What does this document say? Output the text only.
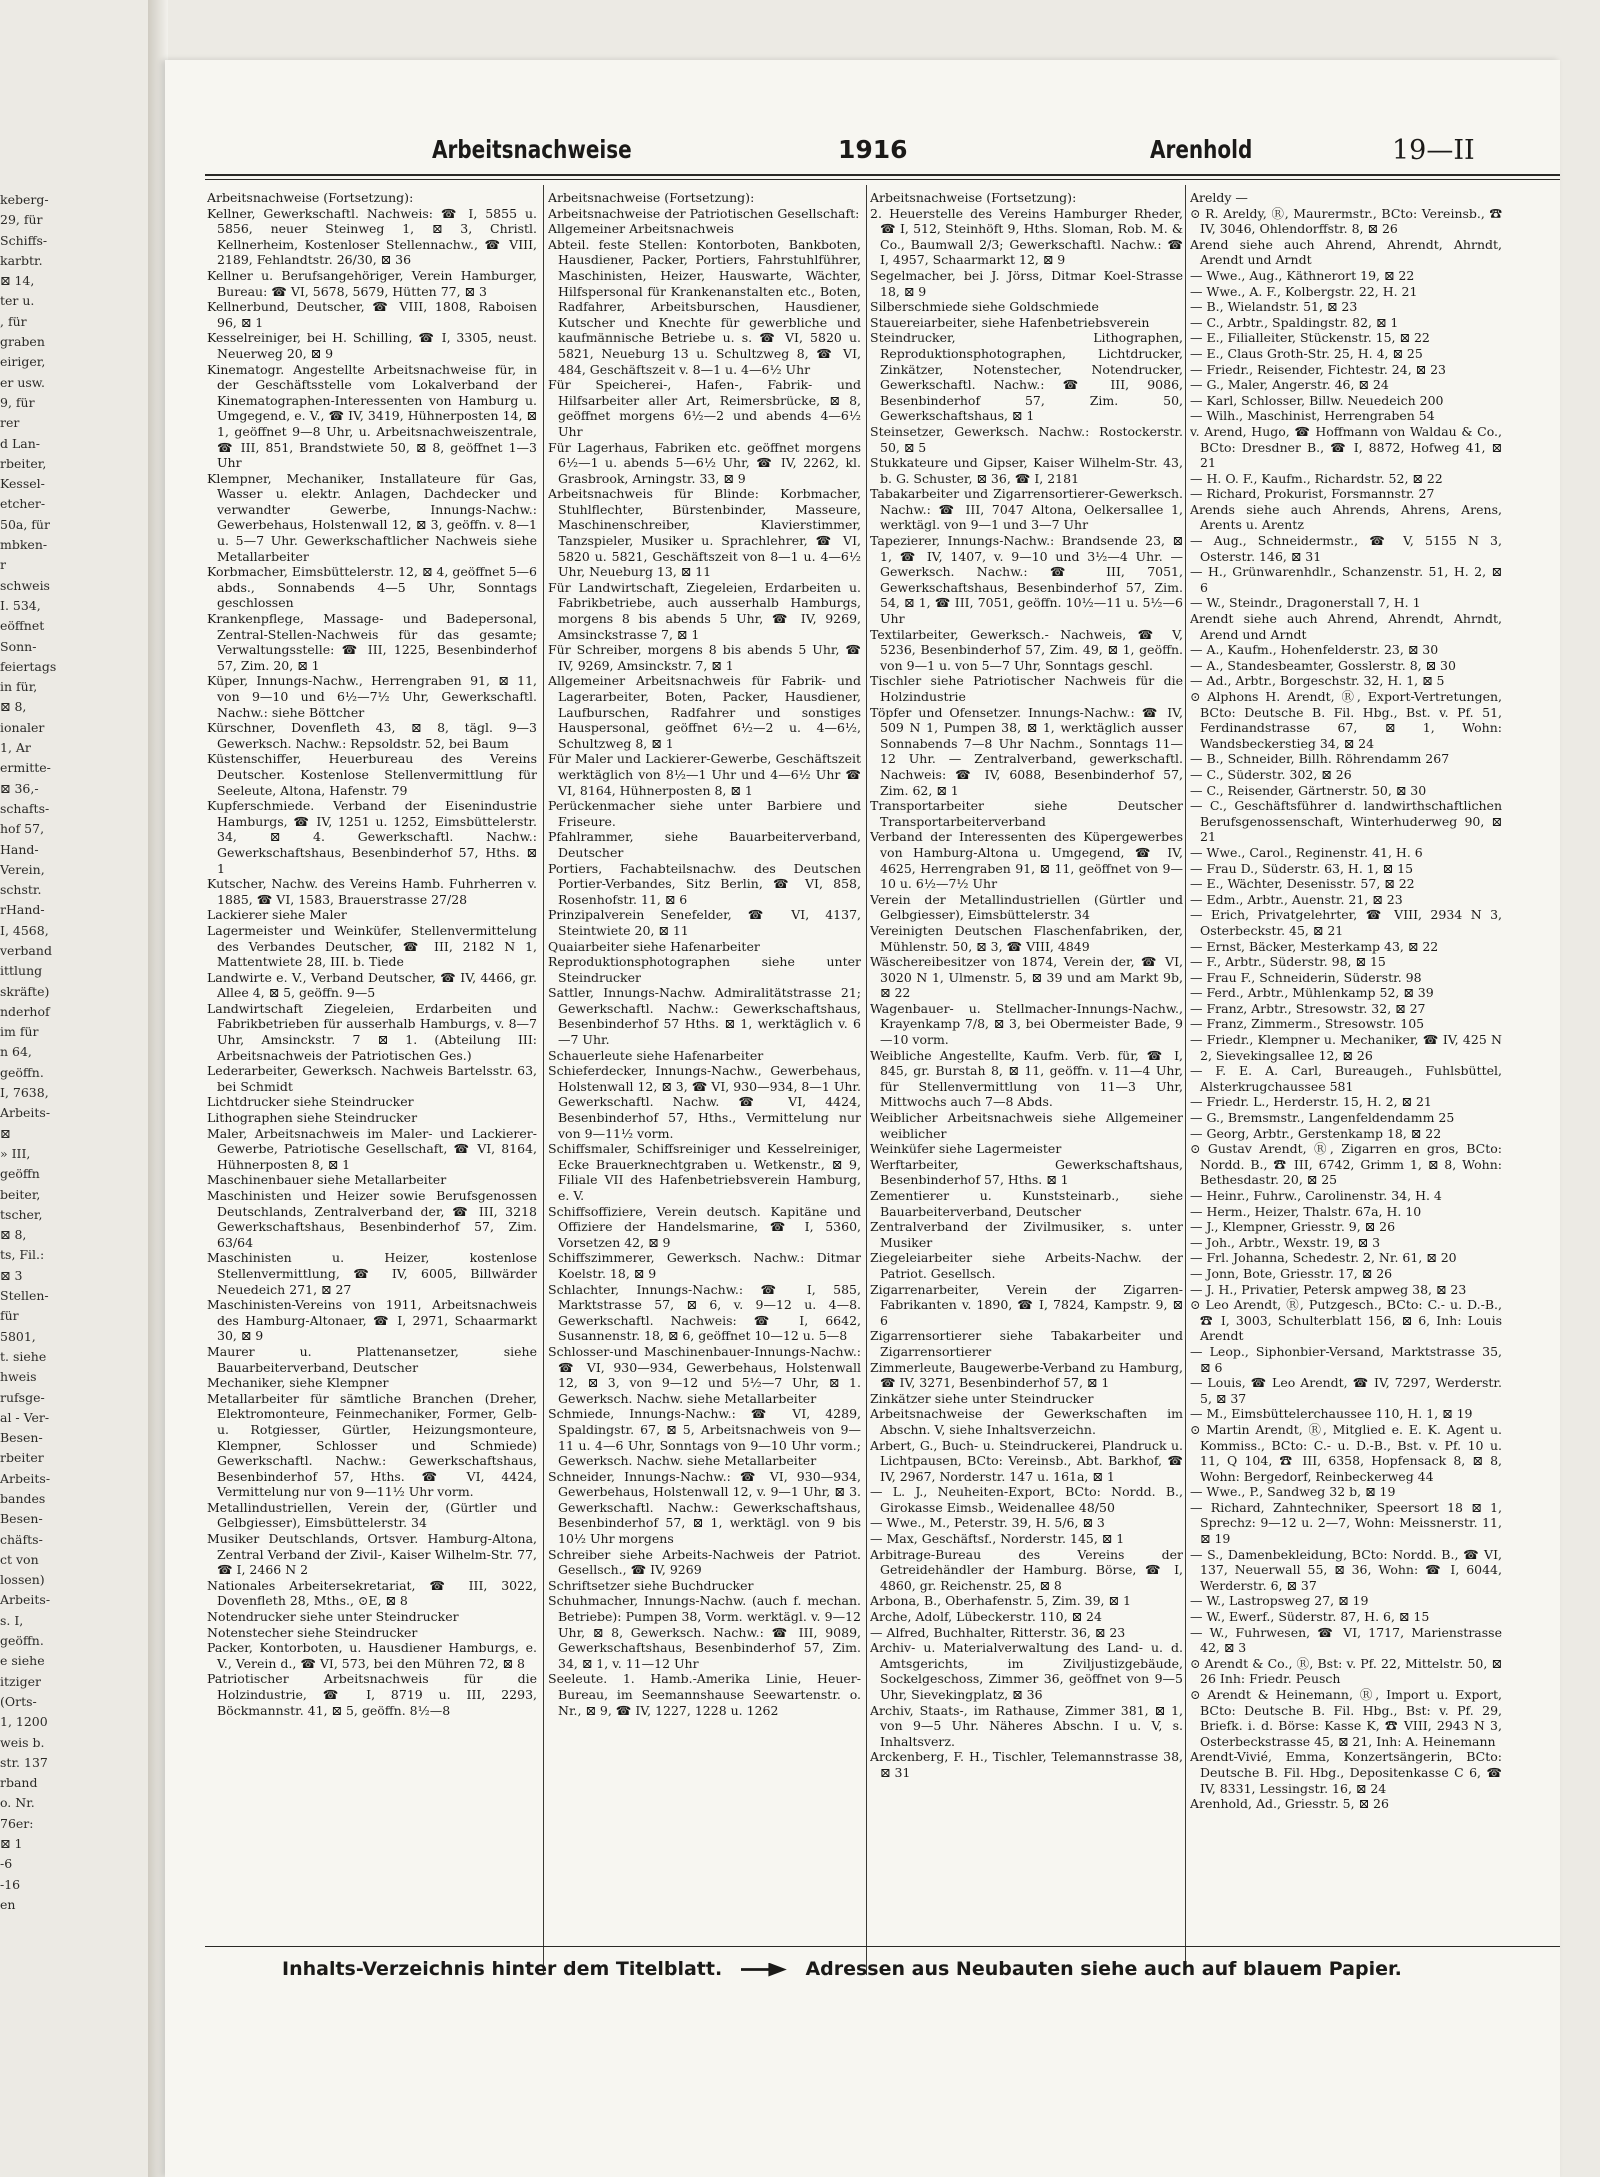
keberg-
29, für
Schiffs-
karbtr.
⊠ 14,
ter u.
, für
graben
eiriger,
er usw.
9, für
rer
d Lan-
rbeiter,
Kessel-
etcher-
50a, für
mbken-
r
schweis
I. 534,
eöffnet
Sonn-
feiertags
in für,
⊠ 8,
ionaler
1, Ar
ermitte-
⊠ 36,-
schafts-
hof 57,
Hand-
Verein,
schstr.
rHand-
I, 4568,
verband
ittlung
skräfte)
nderhof
im für
n 64,
geöffn.
I, 7638,
Arbeits-
⊠
» III,
geöffn
beiter,
tscher,
⊠ 8,
ts, Fil.:
⊠ 3
Stellen-
für
5801,
t. siehe
hweis
rufsge-
al - Ver-
Besen-
rbeiter
Arbeits-
bandes
Besen-
chäfts-
ct von
lossen)
Arbeits-
s. I,
geöffn.
e siehe
itziger
(Orts-
1, 1200
weis b.
str. 137
rband
o. Nr.
76er:
⊠ 1
-6
-16
en
Arbeitsnachweise	1916	Arenhold	19—II

Arbeitsnachweise (Fortsetzung):

Kellner, Gewerkschaftl. Nachweis: ☎ I, 5855 u. 5856, neuer Steinweg 1, ⊠ 3, Christl. Kellnerheim, Kostenloser Stellennachw., ☎ VIII, 2189, Fehlandtstr. 26/30, ⊠ 36

Kellner u. Berufsangehöriger, Verein Hamburger, Bureau: ☎ VI, 5678, 5679, Hütten 77, ⊠ 3

Kellnerbund, Deutscher, ☎ VIII, 1808, Raboisen 96, ⊠ 1

Kesselreiniger, bei H. Schilling, ☎ I, 3305, neust. Neuerweg 20, ⊠ 9

Kinematogr. Angestellte Arbeitsnachweise für, in der Geschäftsstelle vom Lokalverband der Kinematographen-Interessenten von Hamburg u. Umgegend, e. V., ☎ IV, 3419, Hühnerposten 14, ⊠ 1, geöffnet 9—8 Uhr, u. Arbeitsnachweiszentrale, ☎ III, 851, Brandstwiete 50, ⊠ 8, geöffnet 1—3 Uhr

Klempner, Mechaniker, Installateure für Gas, Wasser u. elektr. Anlagen, Dachdecker und verwandter Gewerbe, Innungs-Nachw.: Gewerbehaus, Holstenwall 12, ⊠ 3, geöffn. v. 8—1 u. 5—7 Uhr. Gewerkschaftlicher Nachweis siehe Metallarbeiter

Korbmacher, Eimsbüttelerstr. 12, ⊠ 4, geöffnet 5—6 abds., Sonnabends 4—5 Uhr, Sonntags geschlossen

Krankenpflege, Massage- und Badepersonal, Zentral-Stellen-Nachweis für das gesamte; Verwaltungsstelle: ☎ III, 1225, Besenbinderhof 57, Zim. 20, ⊠ 1

Küper, Innungs-Nachw., Herrengraben 91, ⊠ 11, von 9—10 und 6½—7½ Uhr, Gewerkschaftl. Nachw.: siehe Böttcher

Kürschner, Dovenfleth 43, ⊠ 8, tägl. 9—3 Gewerksch. Nachw.: Repsoldstr. 52, bei Baum

Küstenschiffer, Heuerbureau des Vereins Deutscher. Kostenlose Stellenvermittlung für Seeleute, Altona, Hafenstr. 79

Kupferschmiede. Verband der Eisenindustrie Hamburgs, ☎ IV, 1251 u. 1252, Eimsbüttelerstr. 34, ⊠ 4. Gewerkschaftl. Nachw.: Gewerkschaftshaus, Besenbinderhof 57, Hths. ⊠ 1

Kutscher, Nachw. des Vereins Hamb. Fuhrherren v. 1885, ☎ VI, 1583, Brauerstrasse 27/28

Lackierer siehe Maler

Lagermeister und Weinküfer, Stellenvermittelung des Verbandes Deutscher, ☎ III, 2182 N 1, Mattentwiete 28, III. b. Tiede

Landwirte e. V., Verband Deutscher, ☎ IV, 4466, gr. Allee 4, ⊠ 5, geöffn. 9—5

Landwirtschaft Ziegeleien, Erdarbeiten und Fabrikbetrieben für ausserhalb Hamburgs, v. 8—7 Uhr, Amsinckstr. 7 ⊠ 1. (Abteilung III: Arbeitsnachweis der Patriotischen Ges.)

Lederarbeiter, Gewerksch. Nachweis Bartelsstr. 63, bei Schmidt

Lichtdrucker siehe Steindrucker

Lithographen siehe Steindrucker

Maler, Arbeitsnachweis im Maler- und Lackierer-Gewerbe, Patriotische Gesellschaft, ☎ VI, 8164, Hühnerposten 8, ⊠ 1

Maschinenbauer siehe Metallarbeiter

Maschinisten und Heizer sowie Berufsgenossen Deutschlands, Zentralverband der, ☎ III, 3218 Gewerkschaftshaus, Besenbinderhof 57, Zim. 63/64

Maschinisten u. Heizer, kostenlose Stellenvermittlung, ☎ IV, 6005, Billwärder Neuedeich 271, ⊠ 27

Maschinisten-Vereins von 1911, Arbeitsnachweis des Hamburg-Altonaer, ☎ I, 2971, Schaarmarkt 30, ⊠ 9

Maurer u. Plattenansetzer, siehe Bauarbeiterverband, Deutscher

Mechaniker, siehe Klempner

Metallarbeiter für sämtliche Branchen (Dreher, Elektromonteure, Feinmechaniker, Former, Gelb- u. Rotgiesser, Gürtler, Heizungsmonteure, Klempner, Schlosser und Schmiede) Gewerkschaftl. Nachw.: Gewerkschaftshaus, Besenbinderhof 57, Hths. ☎ VI, 4424, Vermittelung nur von 9—11½ Uhr vorm.

Metallindustriellen, Verein der, (Gürtler und Gelbgiesser), Eimsbüttelerstr. 34

Musiker Deutschlands, Ortsver. Hamburg-Altona, Zentral Verband der Zivil-, Kaiser Wilhelm-Str. 77, ☎ I, 2466 N 2

Nationales Arbeitersekretariat, ☎ III, 3022, Dovenfleth 28, Mths., ⊙E, ⊠ 8

Notendrucker siehe unter Steindrucker

Notenstecher siehe Steindrucker

Packer, Kontorboten, u. Hausdiener Hamburgs, e. V., Verein d., ☎ VI, 573, bei den Mühren 72, ⊠ 8

Patriotischer Arbeitsnachweis für die Holzindustrie, ☎ I, 8719 u. III, 2293, Böckmannstr. 41, ⊠ 5, geöffn. 8½—8

Arbeitsnachweise (Fortsetzung):

Arbeitsnachweise der Patriotischen Gesellschaft:

Allgemeiner Arbeitsnachweis

Abteil. feste Stellen: Kontorboten, Bankboten, Hausdiener, Packer, Portiers, Fahrstuhlführer, Maschinisten, Heizer, Hauswarte, Wächter, Hilfspersonal für Krankenanstalten etc., Boten, Radfahrer, Arbeitsburschen, Hausdiener, Kutscher und Knechte für gewerbliche und kaufmännische Betriebe u. s. ☎ VI, 5820 u. 5821, Neueburg 13 u. Schultzweg 8, ☎ VI, 484, Geschäftszeit v. 8—1 u. 4—6½ Uhr

Für Speicherei-, Hafen-, Fabrik- und Hilfsarbeiter aller Art, Reimersbrücke, ⊠ 8, geöffnet morgens 6½—2 und abends 4—6½ Uhr

Für Lagerhaus, Fabriken etc. geöffnet morgens 6½—1 u. abends 5—6½ Uhr, ☎ IV, 2262, kl. Grasbrook, Arningstr. 33, ⊠ 9

Arbeitsnachweis für Blinde: Korbmacher, Stuhlflechter, Bürstenbinder, Masseure, Maschinenschreiber, Klavierstimmer, Tanzspieler, Musiker u. Sprachlehrer, ☎ VI, 5820 u. 5821, Geschäftszeit von 8—1 u. 4—6½ Uhr, Neueburg 13, ⊠ 11

Für Landwirtschaft, Ziegeleien, Erdarbeiten u. Fabrikbetriebe, auch ausserhalb Hamburgs, morgens 8 bis abends 5 Uhr, ☎ IV, 9269, Amsinckstrasse 7, ⊠ 1

Für Schreiber, morgens 8 bis abends 5 Uhr, ☎ IV, 9269, Amsinckstr. 7, ⊠ 1

Allgemeiner Arbeitsnachweis für Fabrik- und Lagerarbeiter, Boten, Packer, Hausdiener, Laufburschen, Radfahrer und sonstiges Hauspersonal, geöffnet 6½—2 u. 4—6½, Schultzweg 8, ⊠ 1

Für Maler und Lackierer-Gewerbe, Geschäftszeit werktäglich von 8½—1 Uhr und 4—6½ Uhr ☎ VI, 8164, Hühnerposten 8, ⊠ 1

Perückenmacher siehe unter Barbiere und Friseure.

Pfahlrammer, siehe Bauarbeiterverband, Deutscher

Portiers, Fachabteilsnachw. des Deutschen Portier-Verbandes, Sitz Berlin, ☎ VI, 858, Rosenhofstr. 11, ⊠ 6

Prinzipalverein Senefelder, ☎ VI, 4137, Steintwiete 20, ⊠ 11

Quaiarbeiter siehe Hafenarbeiter

Reproduktionsphotographen siehe unter Steindrucker

Sattler, Innungs-Nachw. Admiralitätstrasse 21; Gewerkschaftl. Nachw.: Gewerkschaftshaus, Besenbinderhof 57 Hths. ⊠ 1, werktäglich v. 6—7 Uhr.

Schauerleute siehe Hafenarbeiter

Schieferdecker, Innungs-Nachw., Gewerbehaus, Holstenwall 12, ⊠ 3, ☎ VI, 930—934, 8—1 Uhr. Gewerkschaftl. Nachw. ☎ VI, 4424, Besenbinderhof 57, Hths., Vermittelung nur von 9—11½ vorm.

Schiffsmaler, Schiffsreiniger und Kesselreiniger, Ecke Brauerknechtgraben u. Wetkenstr., ⊠ 9, Filiale VII des Hafenbetriebsverein Hamburg, e. V.

Schiffsoffiziere, Verein deutsch. Kapitäne und Offiziere der Handelsmarine, ☎ I, 5360, Vorsetzen 42, ⊠ 9

Schiffszimmerer, Gewerksch. Nachw.: Ditmar Koelstr. 18, ⊠ 9

Schlachter, Innungs-Nachw.: ☎ I, 585, Marktstrasse 57, ⊠ 6, v. 9—12 u. 4—8. Gewerkschaftl. Nachweis: ☎ I, 6642, Susannenstr. 18, ⊠ 6, geöffnet 10—12 u. 5—8

Schlosser-und Maschinenbauer-Innungs-Nachw.: ☎ VI, 930—934, Gewerbehaus, Holstenwall 12, ⊠ 3, von 9—12 und 5½—7 Uhr, ⊠ 1. Gewerksch. Nachw. siehe Metallarbeiter

Schmiede, Innungs-Nachw.: ☎ VI, 4289, Spaldingstr. 67, ⊠ 5, Arbeitsnachweis von 9—11 u. 4—6 Uhr, Sonntags von 9—10 Uhr vorm.; Gewerksch. Nachw. siehe Metallarbeiter

Schneider, Innungs-Nachw.: ☎ VI, 930—934, Gewerbehaus, Holstenwall 12, v. 9—1 Uhr, ⊠ 3. Gewerkschaftl. Nachw.: Gewerkschaftshaus, Besenbinderhof 57, ⊠ 1, werktägl. von 9 bis 10½ Uhr morgens

Schreiber siehe Arbeits-Nachweis der Patriot. Gesellsch., ☎ IV, 9269

Schriftsetzer siehe Buchdrucker

Schuhmacher, Innungs-Nachw. (auch f. mechan. Betriebe): Pumpen 38, Vorm. werktägl. v. 9—12 Uhr, ⊠ 8, Gewerksch. Nachw.: ☎ III, 9089, Gewerkschaftshaus, Besenbinderhof 57, Zim. 34, ⊠ 1, v. 11—12 Uhr

Seeleute. 1. Hamb.-Amerika Linie, Heuer-Bureau, im Seemannshause Seewartenstr. o. Nr., ⊠ 9, ☎ IV, 1227, 1228 u. 1262

Arbeitsnachweise (Fortsetzung):

2. Heuerstelle des Vereins Hamburger Rheder, ☎ I, 512, Steinhöft 9, Hths. Sloman, Rob. M. & Co., Baumwall 2/3; Gewerkschaftl. Nachw.: ☎ I, 4957, Schaarmarkt 12, ⊠ 9

Segelmacher, bei J. Jörss, Ditmar Koel-Strasse 18, ⊠ 9

Silberschmiede siehe Goldschmiede

Stauereiarbeiter, siehe Hafenbetriebsverein

Steindrucker, Lithographen, Reproduktionsphotographen, Lichtdrucker, Zinkätzer, Notenstecher, Notendrucker, Gewerkschaftl. Nachw.: ☎ III, 9086, Besenbinderhof 57, Zim. 50, Gewerkschaftshaus, ⊠ 1

Steinsetzer, Gewerksch. Nachw.: Rostockerstr. 50, ⊠ 5

Stukkateure und Gipser, Kaiser Wilhelm-Str. 43, b. G. Schuster, ⊠ 36, ☎ I, 2181

Tabakarbeiter und Zigarrensortierer-Gewerksch. Nachw.: ☎ III, 7047 Altona, Oelkersallee 1, werktägl. von 9—1 und 3—7 Uhr

Tapezierer, Innungs-Nachw.: Brandsende 23, ⊠ 1, ☎ IV, 1407, v. 9—10 und 3½—4 Uhr. — Gewerksch. Nachw.: ☎ III, 7051, Gewerkschaftshaus, Besenbinderhof 57, Zim. 54, ⊠ 1, ☎ III, 7051, geöffn. 10½—11 u. 5½—6 Uhr

Textilarbeiter, Gewerksch.- Nachweis, ☎ V, 5236, Besenbinderhof 57, Zim. 49, ⊠ 1, geöffn. von 9—1 u. von 5—7 Uhr, Sonntags geschl.

Tischler siehe Patriotischer Nachweis für die Holzindustrie

Töpfer und Ofensetzer. Innungs-Nachw.: ☎ IV, 509 N 1, Pumpen 38, ⊠ 1, werktäglich ausser Sonnabends 7—8 Uhr Nachm., Sonntags 11—12 Uhr. — Zentralverband, gewerkschaftl. Nachweis: ☎ IV, 6088, Besenbinderhof 57, Zim. 62, ⊠ 1

Transportarbeiter siehe Deutscher Transportarbeiterverband

Verband der Interessenten des Küpergewerbes von Hamburg-Altona u. Umgegend, ☎ IV, 4625, Herrengraben 91, ⊠ 11, geöffnet von 9—10 u. 6½—7½ Uhr

Verein der Metallindustriellen (Gürtler und Gelbgiesser), Eimsbüttelerstr. 34

Vereinigten Deutschen Flaschenfabriken, der, Mühlenstr. 50, ⊠ 3, ☎ VIII, 4849

Wäschereibesitzer von 1874, Verein der, ☎ VI, 3020 N 1, Ulmenstr. 5, ⊠ 39 und am Markt 9b, ⊠ 22

Wagenbauer- u. Stellmacher-Innungs-Nachw., Krayenkamp 7/8, ⊠ 3, bei Obermeister Bade, 9—10 vorm.

Weibliche Angestellte, Kaufm. Verb. für, ☎ I, 845, gr. Burstah 8, ⊠ 11, geöffn. v. 11—4 Uhr, für Stellenvermittlung von 11—3 Uhr, Mittwochs auch 7—8 Abds.

Weiblicher Arbeitsnachweis siehe Allgemeiner weiblicher

Weinküfer siehe Lagermeister

Werftarbeiter, Gewerkschaftshaus, Besenbinderhof 57, Hths. ⊠ 1

Zementierer u. Kunststeinarb., siehe Bauarbeiterverband, Deutscher

Zentralverband der Zivilmusiker, s. unter Musiker

Ziegeleiarbeiter siehe Arbeits-Nachw. der Patriot. Gesellsch.

Zigarrenarbeiter, Verein der Zigarren-Fabrikanten v. 1890, ☎ I, 7824, Kampstr. 9, ⊠ 6

Zigarrensortierer siehe Tabakarbeiter und Zigarrensortierer

Zimmerleute, Baugewerbe-Verband zu Hamburg, ☎ IV, 3271, Besenbinderhof 57, ⊠ 1

Zinkätzer siehe unter Steindrucker

Arbeitsnachweise der Gewerkschaften im Abschn. V, siehe Inhaltsverzeichn.

Arbert, G., Buch- u. Steindruckerei, Plandruck u. Lichtpausen, BCto: Vereinsb., Abt. Barkhof, ☎ IV, 2967, Norderstr. 147 u. 161a, ⊠ 1

— L. J., Neuheiten-Export, BCto: Nordd. B., Girokasse Eimsb., Weidenallee 48/50

— Wwe., M., Peterstr. 39, H. 5/6, ⊠ 3

— Max, Geschäftsf., Norderstr. 145, ⊠ 1

Arbitrage-Bureau des Vereins der Getreidehändler der Hamburg. Börse, ☎ I, 4860, gr. Reichenstr. 25, ⊠ 8

Arbona, B., Oberhafenstr. 5, Zim. 39, ⊠ 1

Arche, Adolf, Lübeckerstr. 110, ⊠ 24

— Alfred, Buchhalter, Ritterstr. 36, ⊠ 23

Archiv- u. Materialverwaltung des Land- u. d. Amtsgerichts, im Ziviljustizgebäude, Sockelgeschoss, Zimmer 36, geöffnet von 9—5 Uhr, Sievekingplatz, ⊠ 36

Archiv, Staats-, im Rathause, Zimmer 381, ⊠ 1, von 9—5 Uhr. Näheres Abschn. I u. V, s. Inhaltsverz.

Arckenberg, F. H., Tischler, Telemannstrasse 38, ⊠ 31

Areldy —

⊙ R. Areldy, Ⓡ, Maurermstr., BCto: Vereinsb., ☎ IV, 3046, Ohlendorffstr. 8, ⊠ 26

Arend siehe auch Ahrend, Ahrendt, Ahrndt, Arendt und Arndt

— Wwe., Aug., Käthnerort 19, ⊠ 22

— Wwe., A. F., Kolbergstr. 22, H. 21

— B., Wielandstr. 51, ⊠ 23

— C., Arbtr., Spaldingstr. 82, ⊠ 1

— E., Filialleiter, Stückenstr. 15, ⊠ 22

— E., Claus Groth-Str. 25, H. 4, ⊠ 25

— Friedr., Reisender, Fichtestr. 24, ⊠ 23

— G., Maler, Angerstr. 46, ⊠ 24

— Karl, Schlosser, Billw. Neuedeich 200

— Wilh., Maschinist, Herrengraben 54

v. Arend, Hugo, ☎ Hoffmann von Waldau & Co., BCto: Dresdner B., ☎ I, 8872, Hofweg 41, ⊠ 21

— H. O. F., Kaufm., Richardstr. 52, ⊠ 22

— Richard, Prokurist, Forsmannstr. 27

Arends siehe auch Ahrends, Ahrens, Arens, Arents u. Arentz

— Aug., Schneidermstr., ☎ V, 5155 N 3, Osterstr. 146, ⊠ 31

— H., Grünwarenhdlr., Schanzenstr. 51, H. 2, ⊠ 6

— W., Steindr., Dragonerstall 7, H. 1

Arendt siehe auch Ahrend, Ahrendt, Ahrndt, Arend und Arndt

— A., Kaufm., Hohenfelderstr. 23, ⊠ 30

— A., Standesbeamter, Gosslerstr. 8, ⊠ 30

— Ad., Arbtr., Borgeschstr. 32, H. 1, ⊠ 5

⊙ Alphons H. Arendt, Ⓡ, Export-Vertretungen, BCto: Deutsche B. Fil. Hbg., Bst. v. Pf. 51, Ferdinandstrasse 67, ⊠ 1, Wohn: Wandsbeckerstieg 34, ⊠ 24

— B., Schneider, Billh. Röhrendamm 267

— C., Süderstr. 302, ⊠ 26

— C., Reisender, Gärtnerstr. 50, ⊠ 30

— C., Geschäftsführer d. landwirthschaftlichen Berufsgenossenschaft, Winterhuderweg 90, ⊠ 21

— Wwe., Carol., Reginenstr. 41, H. 6

— Frau D., Süderstr. 63, H. 1, ⊠ 15

— E., Wächter, Desenisstr. 57, ⊠ 22

— Edm., Arbtr., Auenstr. 21, ⊠ 23

— Erich, Privatgelehrter, ☎ VIII, 2934 N 3, Osterbeckstr. 45, ⊠ 21

— Ernst, Bäcker, Mesterkamp 43, ⊠ 22

— F., Arbtr., Süderstr. 98, ⊠ 15

— Frau F., Schneiderin, Süderstr. 98

— Ferd., Arbtr., Mühlenkamp 52, ⊠ 39

— Franz, Arbtr., Stresowstr. 32, ⊠ 27

— Franz, Zimmerm., Stresowstr. 105

— Friedr., Klempner u. Mechaniker, ☎ IV, 425 N 2, Sievekingsallee 12, ⊠ 26

— F. E. A. Carl, Bureaugeh., Fuhlsbüttel, Alsterkrugchaussee 581

— Friedr. L., Herderstr. 15, H. 2, ⊠ 21

— G., Bremsmstr., Langenfeldendamm 25

— Georg, Arbtr., Gerstenkamp 18, ⊠ 22

⊙ Gustav Arendt, Ⓡ, Zigarren en gros, BCto: Nordd. B., ☎ III, 6742, Grimm 1, ⊠ 8, Wohn: Bethesdastr. 20, ⊠ 25

— Heinr., Fuhrw., Carolinenstr. 34, H. 4

— Herm., Heizer, Thalstr. 67a, H. 10

— J., Klempner, Griesstr. 9, ⊠ 26

— Joh., Arbtr., Wexstr. 19, ⊠ 3

— Frl. Johanna, Schedestr. 2, Nr. 61, ⊠ 20

— Jonn, Bote, Griesstr. 17, ⊠ 26

— J. H., Privatier, Petersk ampweg 38, ⊠ 23

⊙ Leo Arendt, Ⓡ, Putzgesch., BCto: C.- u. D.-B., ☎ I, 3003, Schulterblatt 156, ⊠ 6, Inh: Louis Arendt

— Leop., Siphonbier-Versand, Marktstrasse 35, ⊠ 6

— Louis, ☎ Leo Arendt, ☎ IV, 7297, Werderstr. 5, ⊠ 37

— M., Eimsbüttelerchaussee 110, H. 1, ⊠ 19

⊙ Martin Arendt, Ⓡ, Mitglied e. E. K. Agent u. Kommiss., BCto: C.- u. D.-B., Bst. v. Pf. 10 u. 11, Q 104, ☎ III, 6358, Hopfensack 8, ⊠ 8, Wohn: Bergedorf, Reinbeckerweg 44

— Wwe., P., Sandweg 32 b, ⊠ 19

— Richard, Zahntechniker, Speersort 18 ⊠ 1, Sprechz: 9—12 u. 2—7, Wohn: Meissnerstr. 11, ⊠ 19

— S., Damenbekleidung, BCto: Nordd. B., ☎ VI, 137, Neuerwall 55, ⊠ 36, Wohn: ☎ I, 6044, Werderstr. 6, ⊠ 37

— W., Lastropsweg 27, ⊠ 19

— W., Ewerf., Süderstr. 87, H. 6, ⊠ 15

— W., Fuhrwesen, ☎ VI, 1717, Marienstrasse 42, ⊠ 3

⊙ Arendt & Co., Ⓡ, Bst: v. Pf. 22, Mittelstr. 50, ⊠ 26 Inh: Friedr. Peusch

⊙ Arendt & Heinemann, Ⓡ, Import u. Export, BCto: Deutsche B. Fil. Hbg., Bst: v. Pf. 29, Briefk. i. d. Börse: Kasse K, ☎ VIII, 2943 N 3, Osterbeckstrasse 45, ⊠ 21, Inh: A. Heinemann

Arendt-Vivié, Emma, Konzertsängerin, BCto: Deutsche B. Fil. Hbg., Depositenkasse C 6, ☎ IV, 8331, Lessingstr. 16, ⊠ 24

Arenhold, Ad., Griesstr. 5, ⊠ 26

Inhalts-Verzeichnis hinter dem Titelblatt.	Adressen aus Neubauten siehe auch auf blauem Papier.
